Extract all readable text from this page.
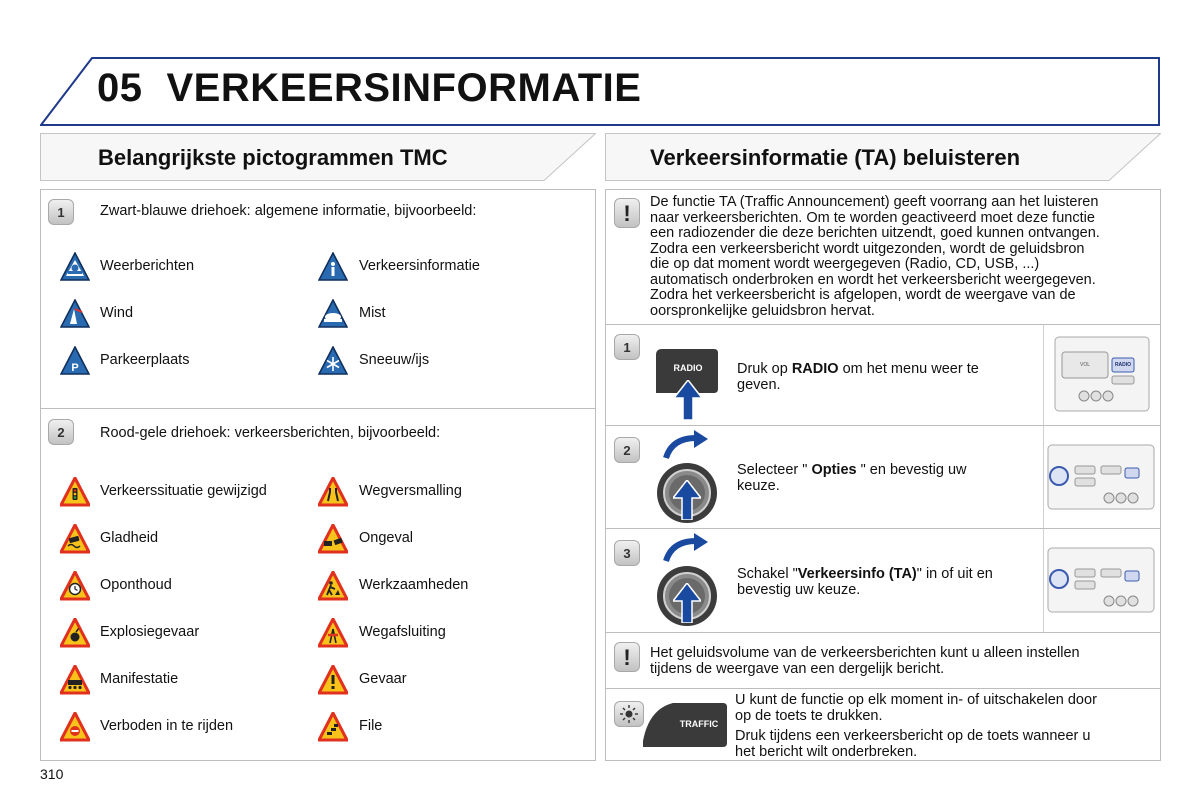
05 VERKEERSINFORMATIE
Belangrijkste pictogrammen TMC	Verkeersinformatie (TA) beluisteren
1	Zwart-blauwe driehoek: algemene informatie, bijvoorbeeld:
Weerberichten	Verkeersinformatie
Wind	Mist
P Parkeerplaats	Sneeuw/ijs
2	Rood-gele driehoek: verkeersberichten, bijvoorbeeld:
Verkeerssituatie gewijzigd	Wegversmalling
Gladheid	Ongeval
Oponthoud	Werkzaamheden
Explosiegevaar	Wegafsluiting
Manifestatie	Gevaar
Verboden in te rijden	File
!	De functie TA (Traffic Announcement) geeft voorrang aan het luisteren
naar verkeersberichten. Om te worden geactiveerd moet deze functie
een radiozender die deze berichten uitzendt, goed kunnen ontvangen.
Zodra een verkeersbericht wordt uitgezonden, wordt de geluidsbron
die op dat moment wordt weergegeven (Radio, CD, USB, ...)
automatisch onderbroken en wordt het verkeersbericht weergegeven.
Zodra het verkeersbericht is afgelopen, wordt de weergave van de
oorspronkelijke geluidsbron hervat.
1
RADIO	Druk op RADIO om het menu weer te
geven.
VOL	RADIO
2
Selecteer " Opties " en bevestig uw
keuze.
3
Schakel "Verkeersinfo (TA)" in of uit en
bevestig uw keuze.
!	Het geluidsvolume van de verkeersberichten kunt u alleen instellen
tijdens de weergave van een dergelijk bericht.
TRAFFIC
U kunt de functie op elk moment in- of uitschakelen door
op de toets te drukken.
Druk tijdens een verkeersbericht op de toets wanneer u
het bericht wilt onderbreken.
310
